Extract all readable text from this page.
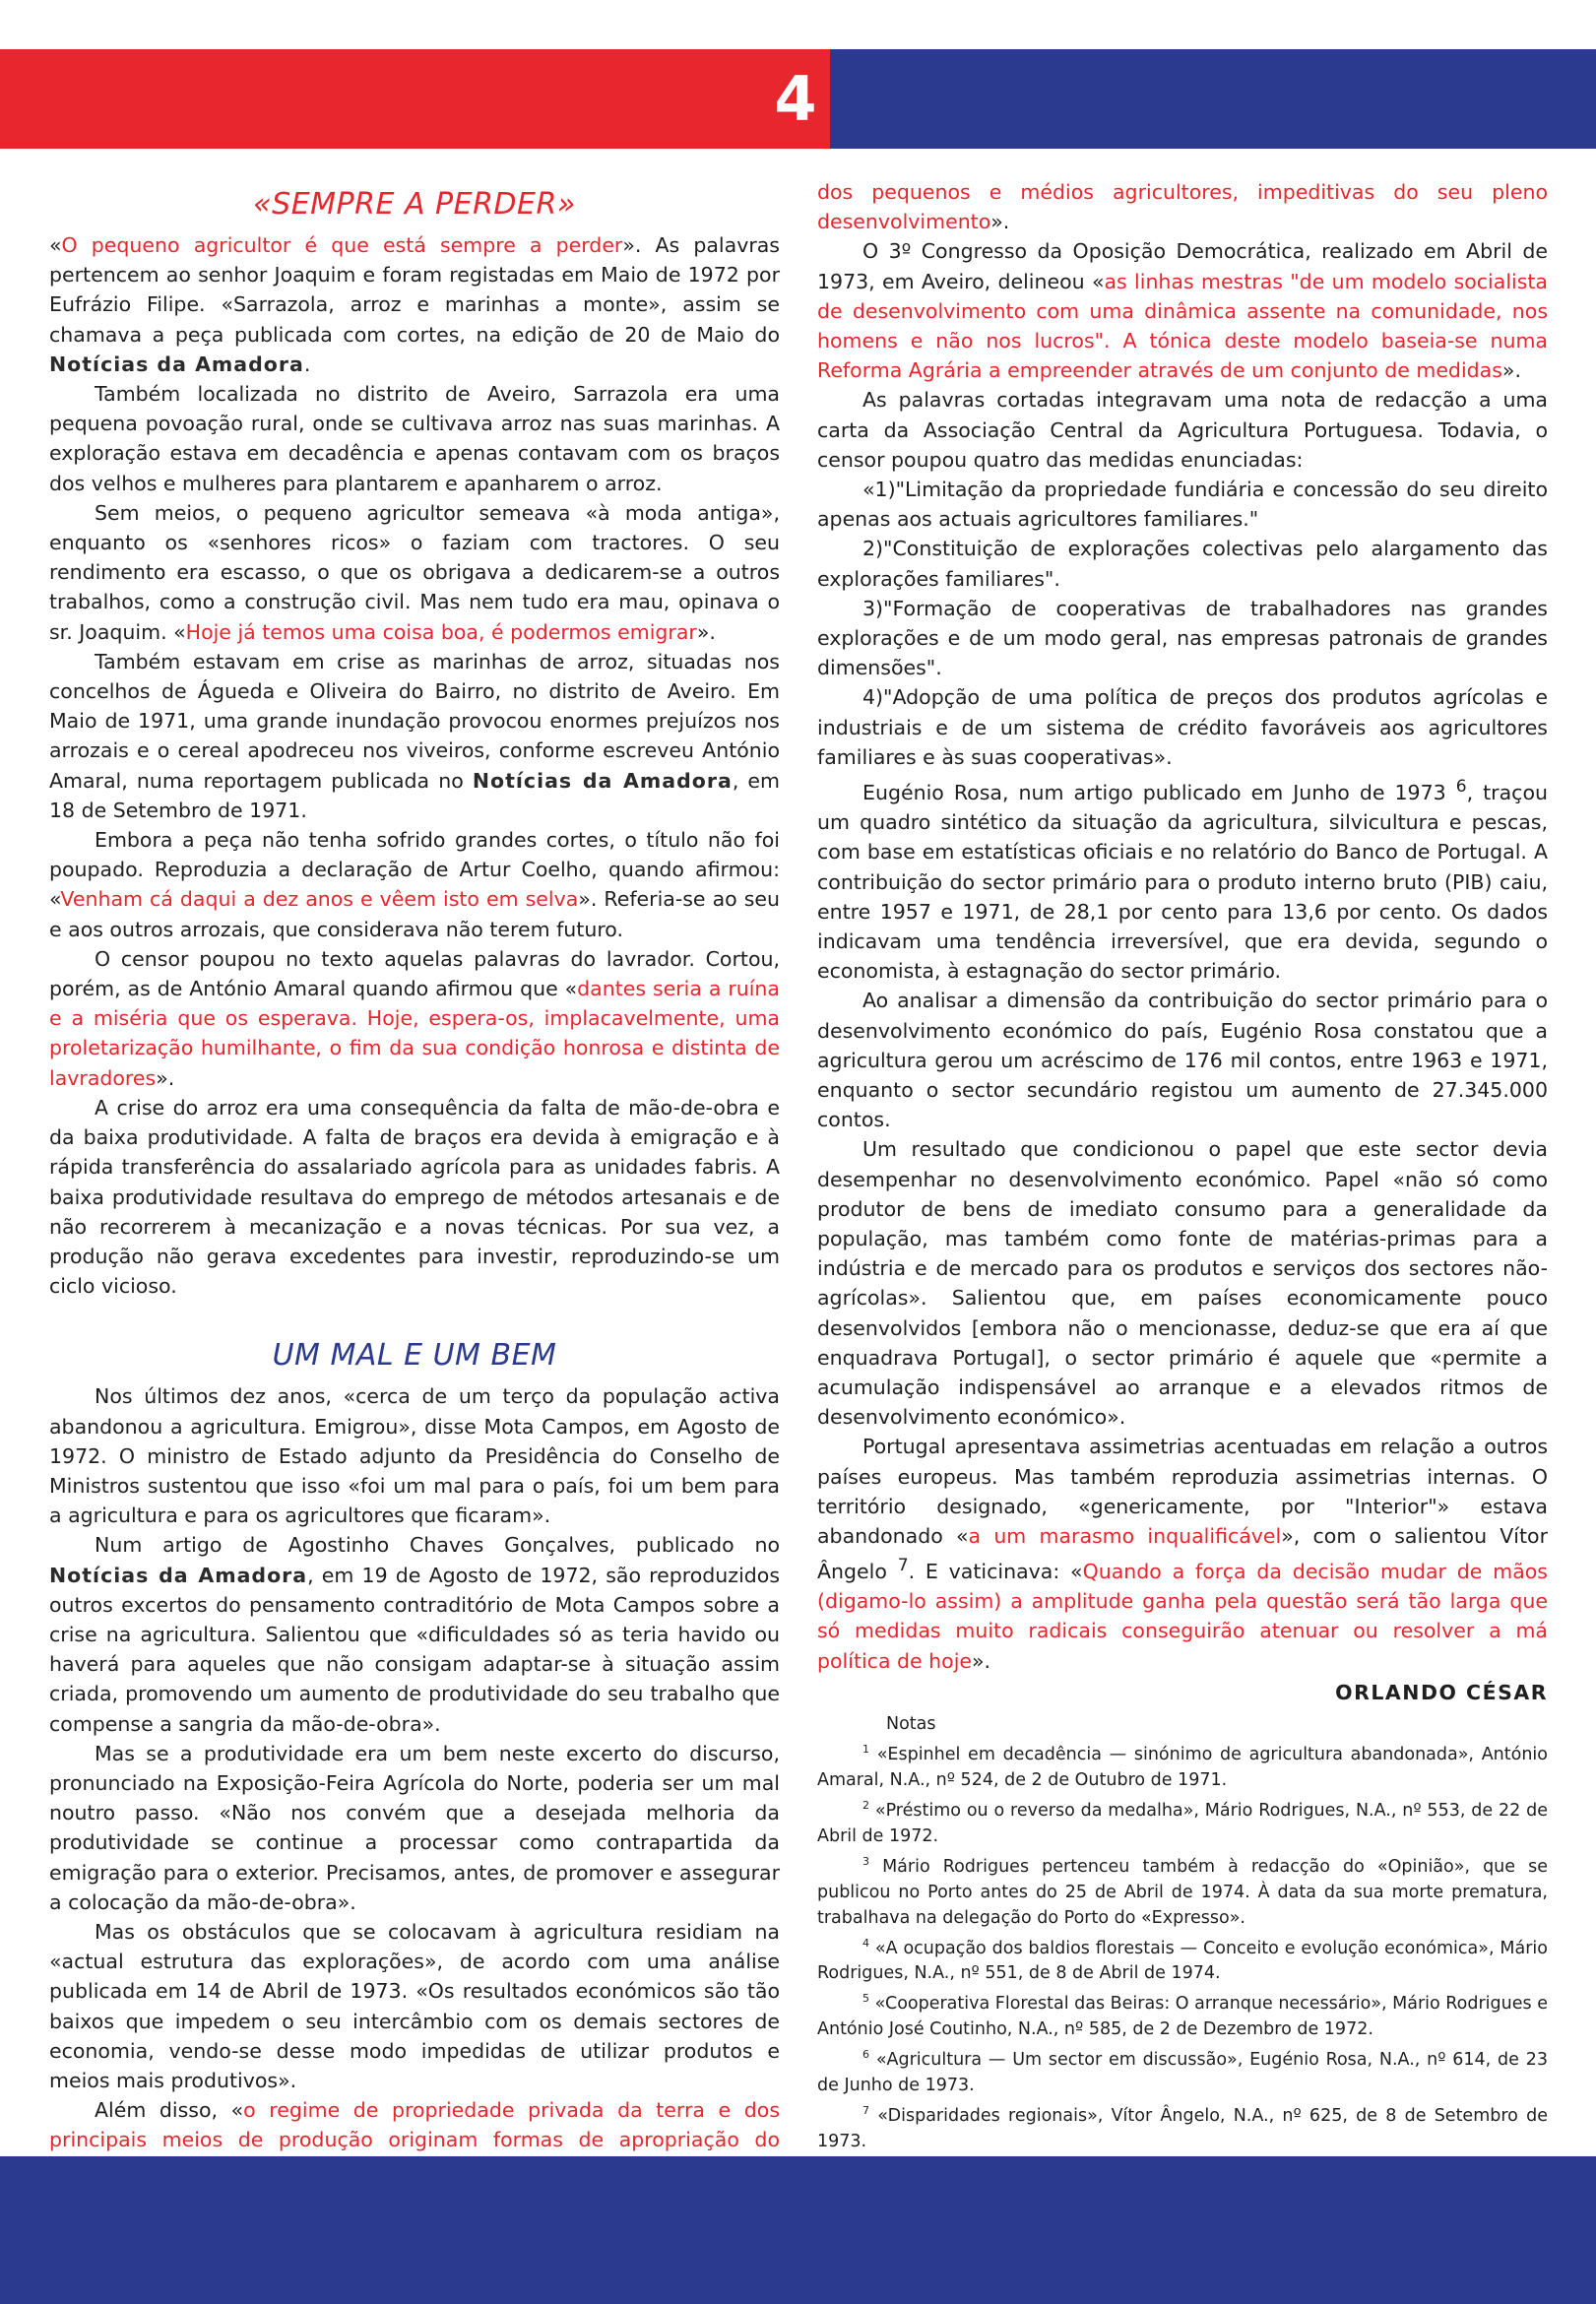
4
«SEMPRE A PERDER»

«O pequeno agricultor é que está sempre a perder». As palavras pertencem ao senhor Joaquim e foram registadas em Maio de 1972 por Eufrázio Filipe. «Sarrazola, arroz e marinhas a monte», assim se chamava a peça publicada com cortes, na edição de 20 de Maio do Notícias da Amadora.

Também localizada no distrito de Aveiro, Sarrazola era uma pequena povoação rural, onde se cultivava arroz nas suas marinhas. A exploração estava em decadência e apenas contavam com os braços dos velhos e mulheres para plantarem e apanharem o arroz.

Sem meios, o pequeno agricultor semeava «à moda antiga», enquanto os «senhores ricos» o faziam com tractores. O seu rendimento era escasso, o que os obrigava a dedicarem-se a outros trabalhos, como a construção civil. Mas nem tudo era mau, opinava o sr. Joaquim. «Hoje já temos uma coisa boa, é podermos emigrar».

Também estavam em crise as marinhas de arroz, situadas nos concelhos de Águeda e Oliveira do Bairro, no distrito de Aveiro. Em Maio de 1971, uma grande inundação provocou enormes prejuízos nos arrozais e o cereal apodreceu nos viveiros, conforme escreveu António Amaral, numa reportagem publicada no Notícias da Amadora, em 18 de Setembro de 1971.

Embora a peça não tenha sofrido grandes cortes, o título não foi poupado. Reproduzia a declaração de Artur Coelho, quando afirmou: «Venham cá daqui a dez anos e vêem isto em selva». Referia-se ao seu e aos outros arrozais, que considerava não terem futuro.

O censor poupou no texto aquelas palavras do lavrador. Cortou, porém, as de António Amaral quando afirmou que «dantes seria a ruína e a miséria que os esperava. Hoje, espera-os, implacavelmente, uma proletarização humilhante, o fim da sua condição honrosa e distinta de lavradores».

A crise do arroz era uma consequência da falta de mão-de-obra e da baixa produtividade. A falta de braços era devida à emigração e à rápida transferência do assalariado agrícola para as unidades fabris. A baixa produtividade resultava do emprego de métodos artesanais e de não recorrerem à mecanização e a novas técnicas. Por sua vez, a produção não gerava excedentes para investir, reproduzindo-se um ciclo vicioso.

UM MAL E UM BEM

Nos últimos dez anos, «cerca de um terço da população activa abandonou a agricultura. Emigrou», disse Mota Campos, em Agosto de 1972. O ministro de Estado adjunto da Presidência do Conselho de Ministros sustentou que isso «foi um mal para o país, foi um bem para a agricultura e para os agricultores que ficaram».

Num artigo de Agostinho Chaves Gonçalves, publicado no Notícias da Amadora, em 19 de Agosto de 1972, são reproduzidos outros excertos do pensamento contraditório de Mota Campos sobre a crise na agricultura. Salientou que «dificuldades só as teria havido ou haverá para aqueles que não consigam adaptar-se à situação assim criada, promovendo um aumento de produtividade do seu trabalho que compense a sangria da mão-de-obra».

Mas se a produtividade era um bem neste excerto do discurso, pronunciado na Exposição-Feira Agrícola do Norte, poderia ser um mal noutro passo. «Não nos convém que a desejada melhoria da produtividade se continue a processar como contrapartida da emigração para o exterior. Precisamos, antes, de promover e assegurar a colocação da mão-de-obra».

Mas os obstáculos que se colocavam à agricultura residiam na «actual estrutura das explorações», de acordo com uma análise publicada em 14 de Abril de 1973. «Os resultados económicos são tão baixos que impedem o seu intercâmbio com os demais sectores de economia, vendo-se desse modo impedidas de utilizar produtos e meios mais produtivos».

Além disso, «o regime de propriedade privada da terra e dos principais meios de produção originam formas de apropriação do

dos pequenos e médios agricultores, impeditivas do seu pleno desenvolvimento».

O 3º Congresso da Oposição Democrática, realizado em Abril de 1973, em Aveiro, delineou «as linhas mestras "de um modelo socialista de desenvolvimento com uma dinâmica assente na comunidade, nos homens e não nos lucros". A tónica deste modelo baseia-se numa Reforma Agrária a empreender através de um conjunto de medidas».

As palavras cortadas integravam uma nota de redacção a uma carta da Associação Central da Agricultura Portuguesa. Todavia, o censor poupou quatro das medidas enunciadas:

«1)"Limitação da propriedade fundiária e concessão do seu direito apenas aos actuais agricultores familiares."

2)"Constituição de explorações colectivas pelo alargamento das explorações familiares".

3)"Formação de cooperativas de trabalhadores nas grandes explorações e de um modo geral, nas empresas patronais de grandes dimensões".

4)"Adopção de uma política de preços dos produtos agrícolas e industriais e de um sistema de crédito favoráveis aos agricultores familiares e às suas cooperativas».

Eugénio Rosa, num artigo publicado em Junho de 1973 $^6$, traçou um quadro sintético da situação da agricultura, silvicultura e pescas, com base em estatísticas oficiais e no relatório do Banco de Portugal. A contribuição do sector primário para o produto interno bruto (PIB) caiu, entre 1957 e 1971, de 28,1 por cento para 13,6 por cento. Os dados indicavam uma tendência irreversível, que era devida, segundo o economista, à estagnação do sector primário.

Ao analisar a dimensão da contribuição do sector primário para o desenvolvimento económico do país, Eugénio Rosa constatou que a agricultura gerou um acréscimo de 176 mil contos, entre 1963 e 1971, enquanto o sector secundário registou um aumento de 27.345.000 contos.

Um resultado que condicionou o papel que este sector devia desempenhar no desenvolvimento económico. Papel «não só como produtor de bens de imediato consumo para a generalidade da população, mas também como fonte de matérias-primas para a indústria e de mercado para os produtos e serviços dos sectores não-agrícolas». Salientou que, em países economicamente pouco desenvolvidos [embora não o mencionasse, deduz-se que era aí que enquadrava Portugal], o sector primário é aquele que «permite a acumulação indispensável ao arranque e a elevados ritmos de desenvolvimento económico».

Portugal apresentava assimetrias acentuadas em relação a outros países europeus. Mas também reproduzia assimetrias internas. O território designado, «genericamente, por "Interior"» estava abandonado «a um marasmo inqualificável», com o salientou Vítor Ângelo $^7$. E vaticinava: «Quando a força da decisão mudar de mãos (digamo-lo assim) a amplitude ganha pela questão será tão larga que só medidas muito radicais conseguirão atenuar ou resolver a má política de hoje».

ORLANDO CÉSAR

Notas

$^1$ «Espinhel em decadência — sinónimo de agricultura abandonada», António Amaral, N.A., nº 524, de 2 de Outubro de 1971.

$^2$ «Préstimo ou o reverso da medalha», Mário Rodrigues, N.A., nº 553, de 22 de Abril de 1972.

$^3$ Mário Rodrigues pertenceu também à redacção do «Opinião», que se publicou no Porto antes do 25 de Abril de 1974. À data da sua morte prematura, trabalhava na delegação do Porto do «Expresso».

$^4$ «A ocupação dos baldios florestais — Conceito e evolução económica», Mário Rodrigues, N.A., nº 551, de 8 de Abril de 1974.

$^5$ «Cooperativa Florestal das Beiras: O arranque necessário», Mário Rodrigues e António José Coutinho, N.A., nº 585, de 2 de Dezembro de 1972.

$^6$ «Agricultura — Um sector em discussão», Eugénio Rosa, N.A., nº 614, de 23 de Junho de 1973.

$^7$ «Disparidades regionais», Vítor Ângelo, N.A., nº 625, de 8 de Setembro de 1973.
